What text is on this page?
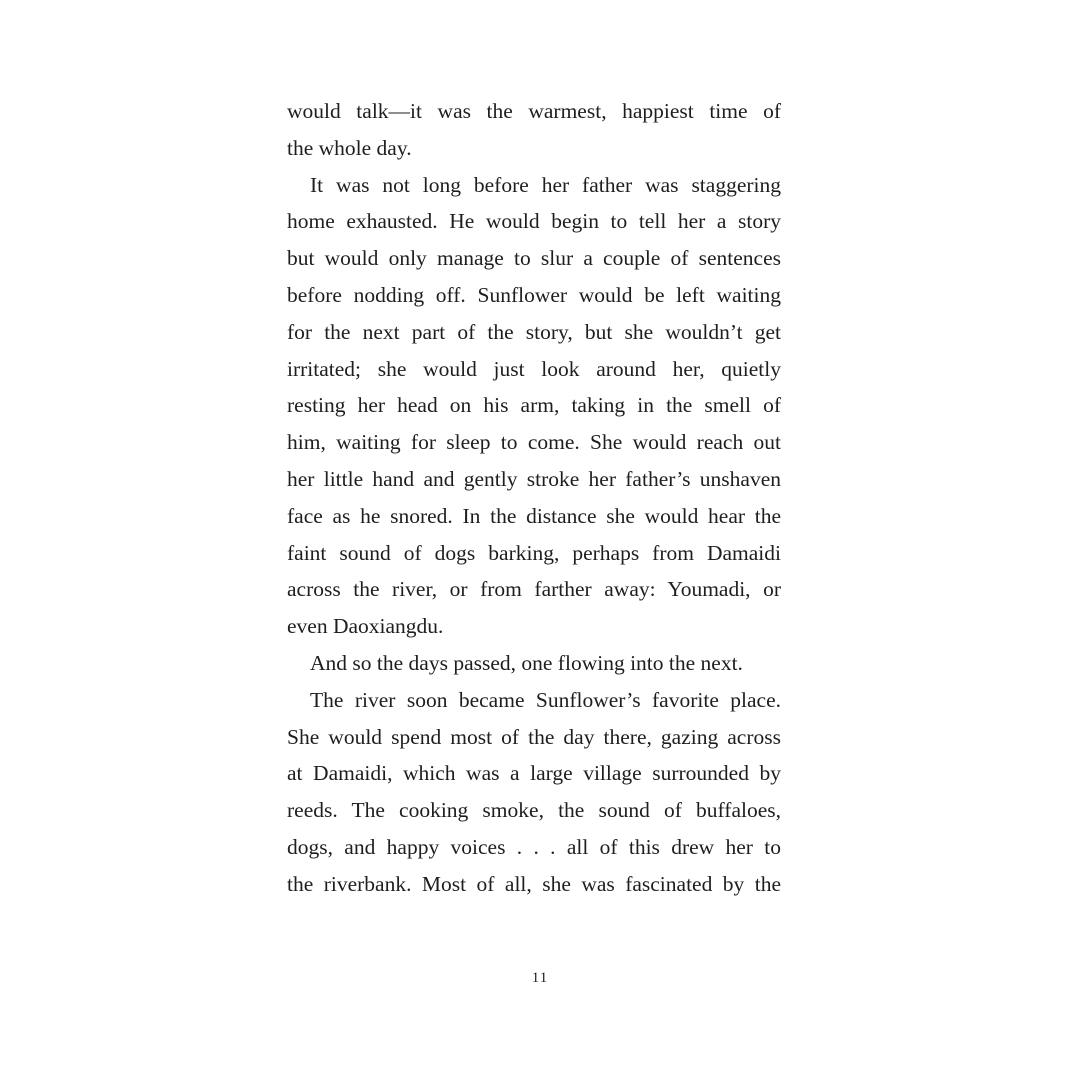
would talk—it was the warmest, happiest time of
the whole day.
It was not long before her father was staggering
home exhausted. He would begin to tell her a story
but would only manage to slur a couple of sentences
before nodding off. Sunflower would be left waiting
for the next part of the story, but she wouldn’t get
irritated; she would just look around her, quietly
resting her head on his arm, taking in the smell of
him, waiting for sleep to come. She would reach out
her little hand and gently stroke her father’s unshaven
face as he snored. In the distance she would hear the
faint sound of dogs barking, perhaps from Damaidi
across the river, or from farther away: Youmadi, or
even Daoxiangdu.
And so the days passed, one flowing into the next.
The river soon became Sunflower’s favorite place.
She would spend most of the day there, gazing across
at Damaidi, which was a large village surrounded by
reeds. The cooking smoke, the sound of buffaloes,
dogs, and happy voices . . . all of this drew her to
the riverbank. Most of all, she was fascinated by the
11
